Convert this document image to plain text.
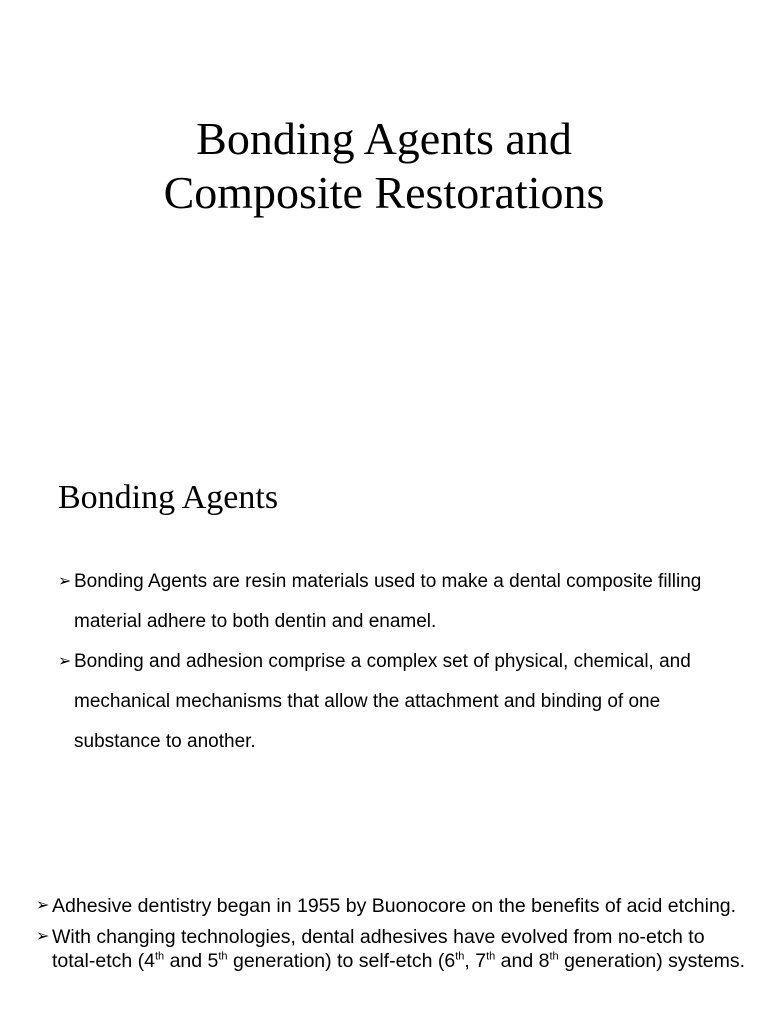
Bonding Agents and
Composite Restorations
Bonding Agents
➢ Bonding Agents are resin materials used to make a dental composite filling material adhere to both dentin and enamel.
➢ Bonding and adhesion comprise a complex set of physical, chemical, and mechanical mechanisms that allow the attachment and binding of one substance to another.
➢ Adhesive dentistry began in 1955 by Buonocore on the benefits of acid etching.
➢ With changing technologies, dental adhesives have evolved from no-etch to total-etch (4th and 5th generation) to self-etch (6th, 7th and 8th generation) systems.
